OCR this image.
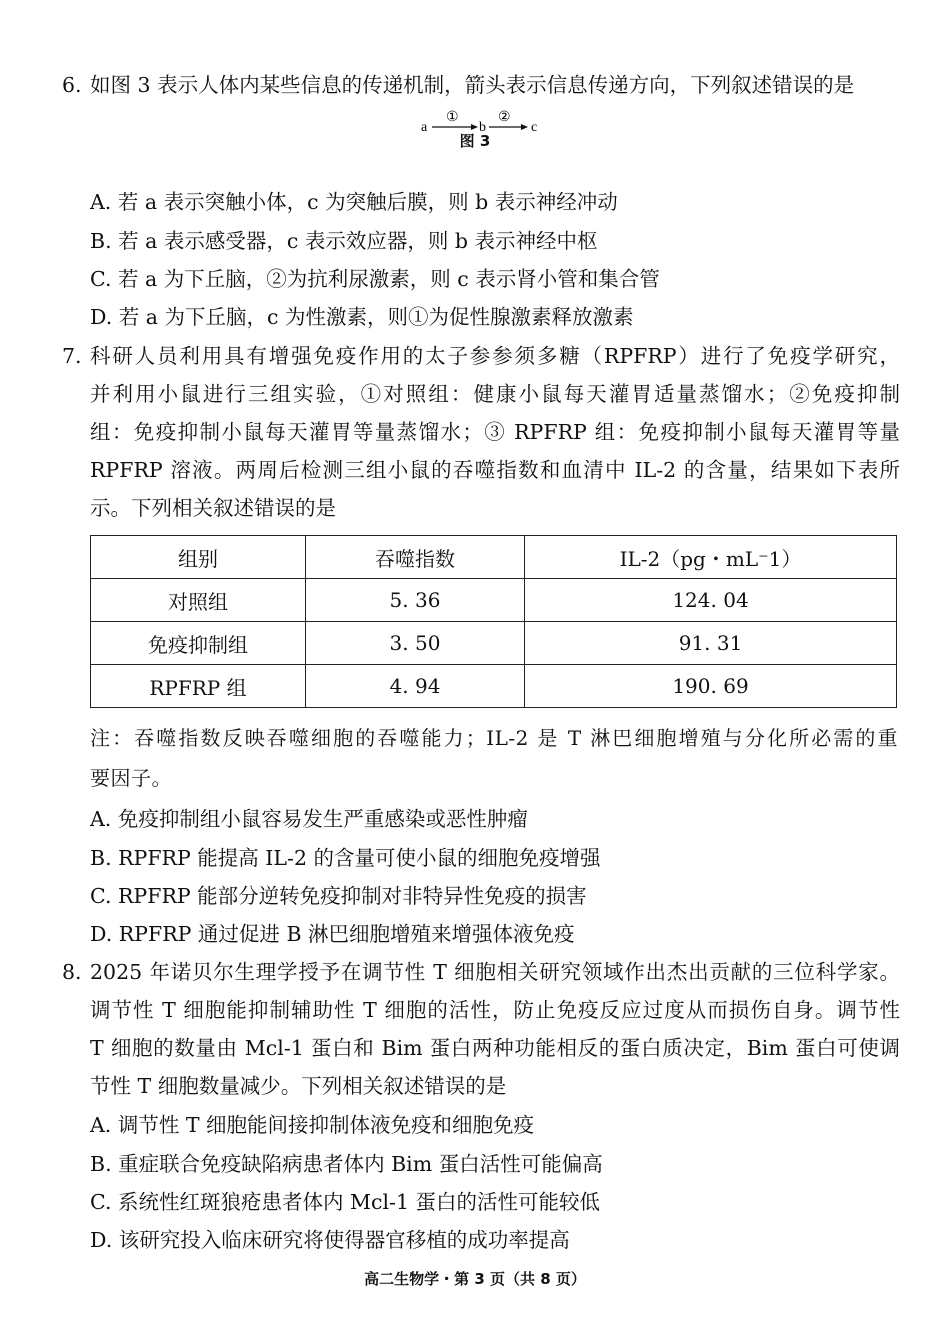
6. 如图 3 表示人体内某些信息的传递机制，箭头表示信息传递方向，下列叙述错误的是
a
①
b
②
c
图 3
A. 若 a 表示突触小体，c 为突触后膜，则 b 表示神经冲动
B. 若 a 表示感受器，c 表示效应器，则 b 表示神经中枢
C. 若 a 为下丘脑，②为抗利尿激素，则 c 表示肾小管和集合管
D. 若 a 为下丘脑，c 为性激素，则①为促性腺激素释放激素
7. 科研人员利用具有增强免疫作用的太子参参须多糖（RPFRP）进行了免疫学研究，
并利用小鼠进行三组实验，①对照组：健康小鼠每天灌胃适量蒸馏水；②免疫抑制
组：免疫抑制小鼠每天灌胃等量蒸馏水；③ RPFRP 组：免疫抑制小鼠每天灌胃等量
RPFRP 溶液。两周后检测三组小鼠的吞噬指数和血清中 IL-2 的含量，结果如下表所
示。下列相关叙述错误的是
组别	吞噬指数	IL-2（pg・mL⁻1）
对照组	5. 36	124. 04
免疫抑制组	3. 50	91. 31
RPFRP 组	4. 94	190. 69
注：吞噬指数反映吞噬细胞的吞噬能力；IL-2 是 T 淋巴细胞增殖与分化所必需的重
要因子。
A. 免疫抑制组小鼠容易发生严重感染或恶性肿瘤
B. RPFRP 能提高 IL-2 的含量可使小鼠的细胞免疫增强
C. RPFRP 能部分逆转免疫抑制对非特异性免疫的损害
D. RPFRP 通过促进 B 淋巴细胞增殖来增强体液免疫
8. 2025 年诺贝尔生理学授予在调节性 T 细胞相关研究领域作出杰出贡献的三位科学家。
调节性 T 细胞能抑制辅助性 T 细胞的活性，防止免疫反应过度从而损伤自身。调节性
T 细胞的数量由 Mcl-1 蛋白和 Bim 蛋白两种功能相反的蛋白质决定，Bim 蛋白可使调
节性 T 细胞数量减少。下列相关叙述错误的是
A. 调节性 T 细胞能间接抑制体液免疫和细胞免疫
B. 重症联合免疫缺陷病患者体内 Bim 蛋白活性可能偏高
C. 系统性红斑狼疮患者体内 Mcl-1 蛋白的活性可能较低
D. 该研究投入临床研究将使得器官移植的成功率提高
高二生物学・第 3 页（共 8 页）
